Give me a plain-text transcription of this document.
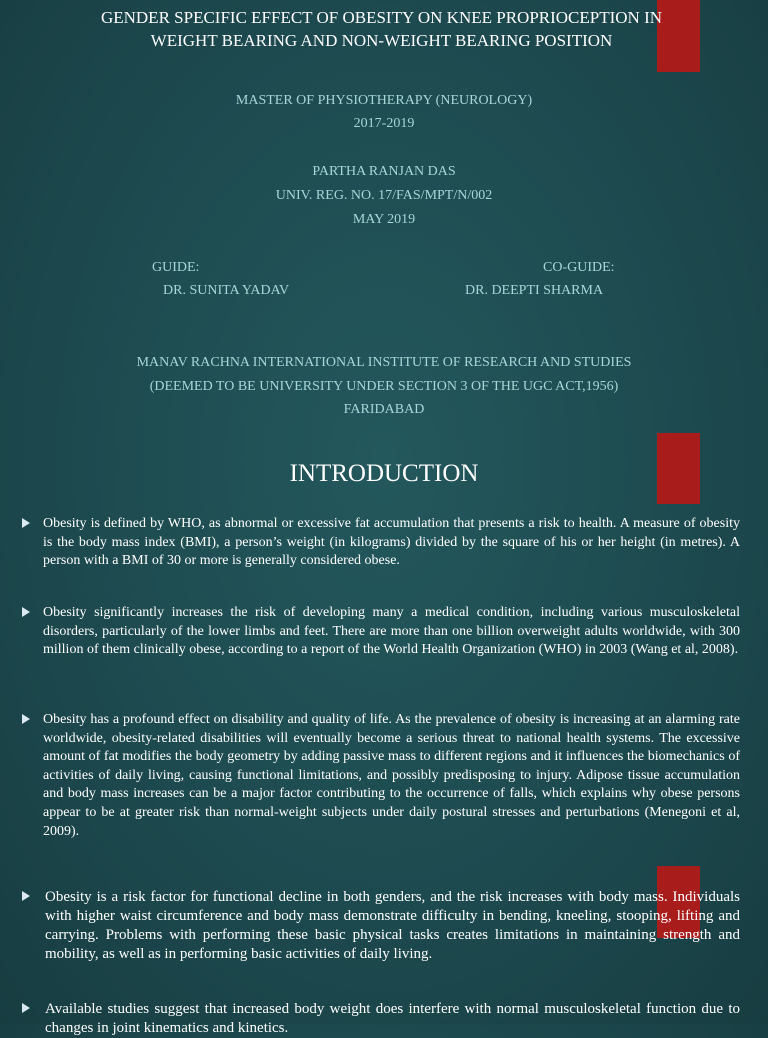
GENDER SPECIFIC EFFECT OF OBESITY ON KNEE PROPRIOCEPTION IN WEIGHT BEARING AND NON-WEIGHT BEARING POSITION
MASTER OF PHYSIOTHERAPY (NEUROLOGY)
2017-2019
PARTHA RANJAN DAS
UNIV. REG. NO. 17/FAS/MPT/N/002
MAY 2019
GUIDE:
DR. SUNITA YADAV
CO-GUIDE:
DR. DEEPTI SHARMA
MANAV RACHNA INTERNATIONAL INSTITUTE OF RESEARCH AND STUDIES
(DEEMED TO BE UNIVERSITY UNDER SECTION 3 OF THE UGC ACT,1956)
FARIDABAD
INTRODUCTION

Obesity is defined by WHO, as abnormal or excessive fat accumulation that presents a risk to health. A measure of obesity is the body mass index (BMI), a person’s weight (in kilograms) divided by the square of his or her height (in metres). A person with a BMI of 30 or more is generally considered obese.

Obesity significantly increases the risk of developing many a medical condition, including various musculoskeletal disorders, particularly of the lower limbs and feet. There are more than one billion overweight adults worldwide, with 300 million of them clinically obese, according to a report of the World Health Organization (WHO) in 2003 (Wang et al, 2008).

Obesity has a profound effect on disability and quality of life. As the prevalence of obesity is increasing at an alarming rate worldwide, obesity-related disabilities will eventually become a serious threat to national health systems. The excessive amount of fat modifies the body geometry by adding passive mass to different regions and it influences the biomechanics of activities of daily living, causing functional limitations, and possibly predisposing to injury. Adipose tissue accumulation and body mass increases can be a major factor contributing to the occurrence of falls, which explains why obese persons appear to be at greater risk than normal-weight subjects under daily postural stresses and perturbations (Menegoni et al, 2009).

Obesity is a risk factor for functional decline in both genders, and the risk increases with body mass. Individuals with higher waist circumference and body mass demonstrate difficulty in bending, kneeling, stooping, lifting and carrying. Problems with performing these basic physical tasks creates limitations in maintaining strength and mobility, as well as in performing basic activities of daily living.

Available studies suggest that increased body weight does interfere with normal musculoskeletal function due to changes in joint kinematics and kinetics.
